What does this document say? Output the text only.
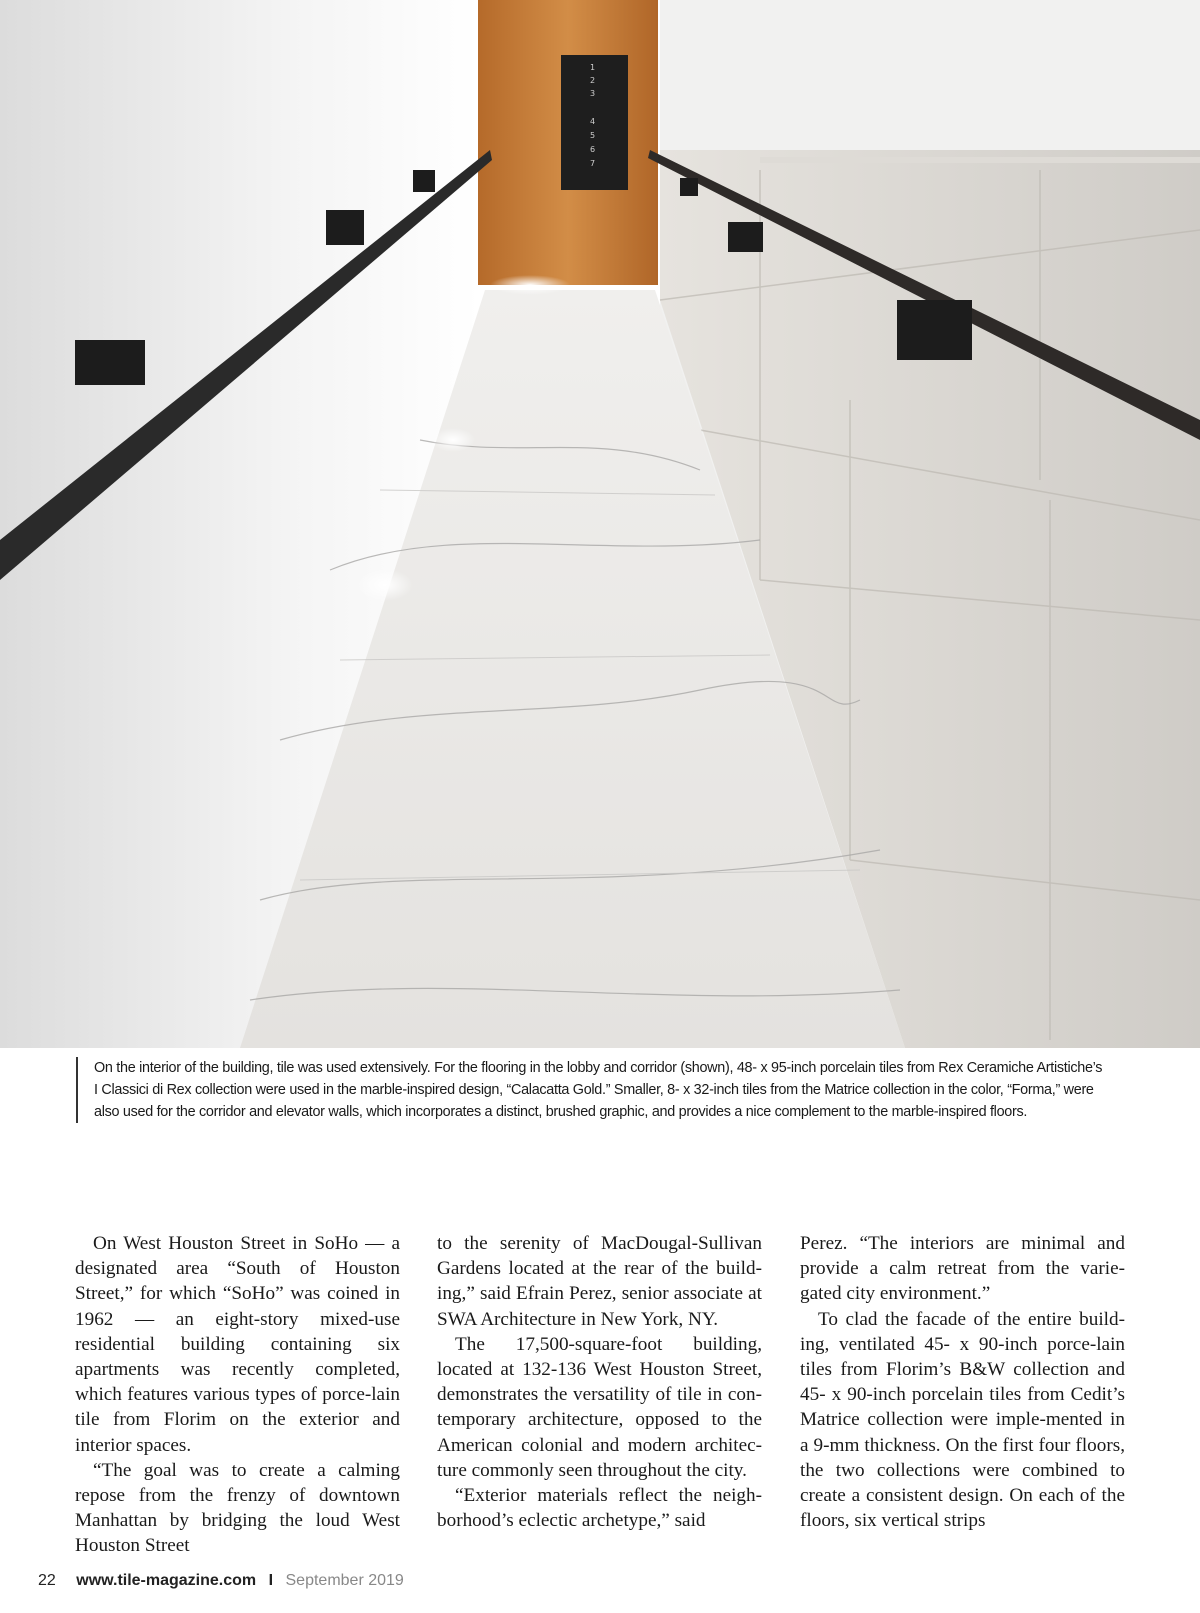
1
2
3
4
5
6
7
On the interior of the building, tile was used extensively. For the flooring in the lobby and corridor (shown), 48- x 95-inch porcelain tiles from Rex Ceramiche Artistiche’s I Classici di Rex collection were used in the marble-inspired design, “Calacatta Gold.” Smaller, 8- x 32-inch tiles from the Matrice collection in the color, “Forma,” were also used for the corridor and elevator walls, which incorporates a distinct, brushed graphic, and provides a nice complement to the marble-inspired floors.

On West Houston Street in SoHo — a designated area “South of Houston Street,” for which “SoHo” was coined in 1962 — an eight-story mixed-use residential building containing six apartments was recently completed, which features various types of porce-lain tile from Florim on the exterior and interior spaces.

“The goal was to create a calming repose from the frenzy of downtown Manhattan by bridging the loud West Houston Street

to the serenity of MacDougal-Sullivan Gardens located at the rear of the build-ing,” said Efrain Perez, senior associate at SWA Architecture in New York, NY.

The 17,500-square-foot building, located at 132-136 West Houston Street, demonstrates the versatility of tile in con-temporary architecture, opposed to the American colonial and modern architec-ture commonly seen throughout the city.

“Exterior materials reflect the neigh-borhood’s eclectic archetype,” said

Perez. “The interiors are minimal and provide a calm retreat from the varie-gated city environment.”

To clad the facade of the entire build-ing, ventilated 45- x 90-inch porce-lain tiles from Florim’s B&W collection and 45- x 90-inch porcelain tiles from Cedit’s Matrice collection were imple-mented in a 9-mm thickness. On the first four floors, the two collections were combined to create a consistent design. On each of the floors, six vertical strips

22 www.tile-magazine.com I September 2019
